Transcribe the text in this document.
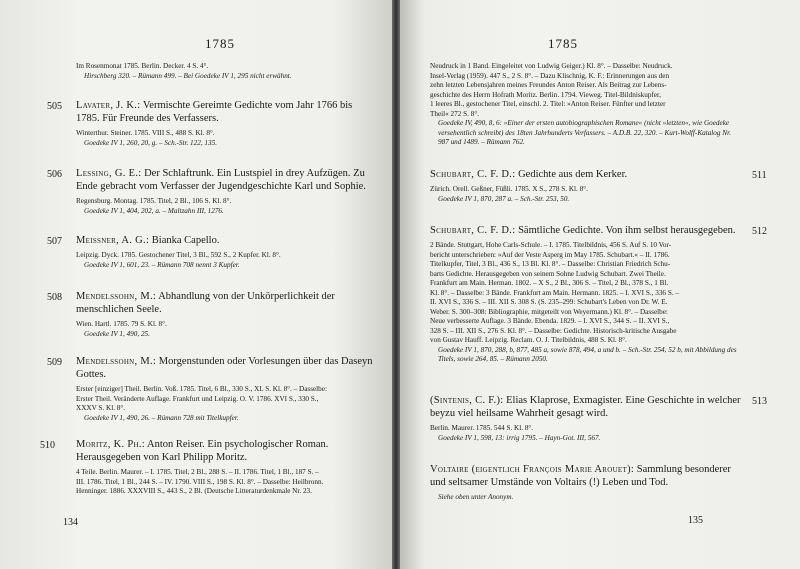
1785
Im Rosenmonat 1785. Berlin. Decker. 4 S. 4°.
Hirschberg 320. – Rümann 499. – Bei Goedeke IV 1, 295 nicht erwähnt.
505 Lavater, J. K.: Vermischte Gereimte Gedichte vom Jahr 1766 bis 1785. Für Freunde des Verfassers.
Winterthur. Steiner. 1785. VIII S., 488 S. Kl. 8°.
Goedeke IV 1, 260, 20, g. – Sch.-Str. 122, 135.
506 Lessing, G. E.: Der Schlaftrunk. Ein Lustspiel in drey Aufzügen. Zu Ende gebracht vom Verfasser der Jugendgeschichte Karl und Sophie.
Regensburg. Montag. 1785. Titel, 2 Bl., 106 S. Kl. 8°.
Goedeke IV 1, 404, 202, a. – Maltzahn III, 1276.
507 Meissner, A. G.: Bianka Capello.
Leipzig. Dyck. 1785. Gestochener Titel, 3 Bl., 592 S., 2 Kupfer. Kl. 8°.
Goedeke IV 1, 601, 23. – Rümann 708 nennt 3 Kupfer.
508 Mendelssohn, M.: Abhandlung von der Unkörperlichkeit der menschlichen Seele.
Wien. Hartl. 1785. 79 S. Kl. 8°.
Goedeke IV 1, 490, 25.
509 Mendelssohn, M.: Morgenstunden oder Vorlesungen über das Daseyn Gottes.
Erster [einziger] Theil. Berlin. Voß. 1785. Titel, 6 Bl., 330 S., XL S. Kl. 8°. – Dasselbe:
Erster Theil. Veränderte Auflage. Frankfurt und Leipzig. O. V. 1786. XVI S., 330 S.,
XXXV S. Kl. 8°.
Goedeke IV 1, 490, 26. – Rümann 728 mit Titelkupfer.
510 Moritz, K. Ph.: Anton Reiser. Ein psychologischer Roman. Herausgegeben von Karl Philipp Moritz.
4 Teile. Berlin. Maurer. – I. 1785. Titel, 2 Bl., 288 S. – II. 1786. Titel, 1 Bl., 187 S. –
III. 1786. Titel, 1 Bl., 244 S. – IV. 1790. VIII S., 198 S. Kl. 8°. – Dasselbe: Heilbronn.
Henninger. 1886. XXXVIII S., 443 S., 2 Bl. (Deutsche Litteraturdenkmale Nr. 23.
134
1785
Neudruck in 1 Band. Eingeleitet von Ludwig Geiger.) Kl. 8°. – Dasselbe: Neudruck.
Insel-Verlag (1959). 447 S., 2 S. 8°. – Dazu Klischnig, K. F.: Erinnerungen aus den
zehn letzten Lebensjahren meines Freundes Anton Reiser. Als Beitrag zur Lebens-
geschichte des Herrn Hofrath Moritz. Berlin. 1794. Vieweg. Titel-Bildniskupfer,
1 leeres Bl., gestochener Titel, einschl. 2. Titel: »Anton Reiser. Fünfter und letzter
Theil« 272 S. 8°.
Goedeke IV, 490, 8, 6: »Einer der ersten autobiographischen Romane« (nicht »letzten«, wie Goedeke versehentlich schreibt) des 18ten Jahrhunderts Verfassers. – A.D.B. 22, 320. – Kurt-Wolff-Katalog Nr. 987 und 1489. – Rümann 762.
Schubart, C. F. D.: Gedichte aus dem Kerker.
Zürich. Orell. Geßner, Füßli. 1785. X S., 278 S. Kl. 8°.
Goedeke IV 1, 870, 287 a. – Sch.-Str. 253, 50.
511
Schubart, C. F. D.: Sämtliche Gedichte. Von ihm selbst herausgegeben.
2 Bände. Stuttgart, Hohe Carls-Schule. – I. 1785. Titelbildnis, 456 S. Auf S. 10 Vor-
bericht unterschrieben: »Auf der Veste Asperg im May 1785. Schubart.« – II. 1786.
Titelkupfer, Titel, 3 Bl., 436 S., 13 Bl. Kl. 8°. – Dasselbe: Christian Friedrich Schu-
barts Gedichte. Herausgegeben von seinem Sohne Ludwig Schubart. Zwei Theile.
Frankfurt am Main. Herman. 1802. – X S., 2 Bl., 306 S. – Titel, 2 Bl., 378 S., 1 Bl.
Kl. 8°. – Dasselbe: 3 Bände. Frankfurt am Main. Hermann. 1825. – I. XVI S., 336 S. –
II. XVI S., 336 S. – III. XII S. 308 S. (S. 235–299: Schubart's Leben von Dr. W. E.
Weber. S. 300–308: Bibliographie, mitgeteilt von Weyermann.) Kl. 8°. – Dasselbe:
Neue verbesserte Auflage. 3 Bände. Ebenda. 1829. – I. XVI S., 344 S. – II. XVI S.,
328 S. – III. XII S., 276 S. Kl. 8°. – Dasselbe: Gedichte. Historisch-kritische Ausgabe
von Gustav Hauff. Leipzig. Reclam. O. J. Titelbildnis, 488 S. Kl. 8°.
Goedeke IV 1, 870, 288, b, 877, 485 a, sowie 878, 494, a und b. – Sch.-Str. 254, 52 b, mit Abbildung des Titels, sowie 264, 85. – Rümann 2050.
512
(Sintenis, C. F.): Elias Klaprose, Exmagister. Eine Geschichte in welcher beyzu viel heilsame Wahrheit gesagt wird.
Berlin. Maurer. 1785. 544 S. Kl. 8°.
Goedeke IV 1, 598, 13: irrig 1795. – Hayn-Got. III, 567.
513
Voltaire (eigentlich François Marie Arouet): Sammlung besonderer und seltsamer Umstände von Voltairs (!) Leben und Tod.
Siehe oben unter Anonym.
135
